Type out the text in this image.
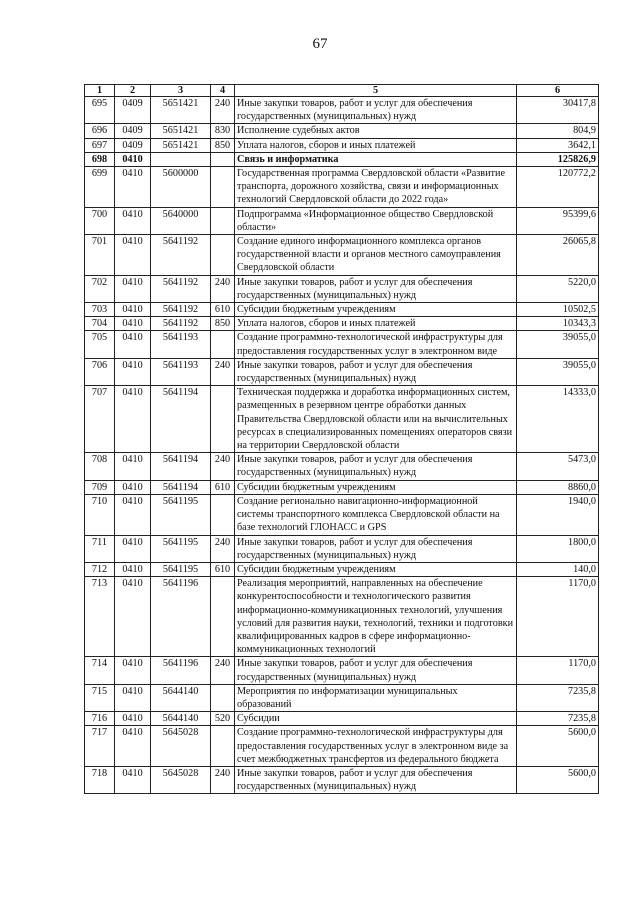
67
1	2	3	4	5	6
695	0409	5651421	240	Иные закупки товаров, работ и услуг для обеспечения государственных (муниципальных) нужд	30417,8
696	0409	5651421	830	Исполнение судебных актов	804,9
697	0409	5651421	850	Уплата налогов, сборов и иных платежей	3642,1
698	0410			Связь и информатика	125826,9
699	0410	5600000		Государственная программа Свердловской области «Развитие транспорта, дорожного хозяйства, связи и информационных технологий Свердловской области до 2022 года»	120772,2
700	0410	5640000		Подпрограмма «Информационное общество Свердловской области»	95399,6
701	0410	5641192		Создание единого информационного комплекса органов государственной власти и органов местного самоуправления Свердловской области	26065,8
702	0410	5641192	240	Иные закупки товаров, работ и услуг для обеспечения государственных (муниципальных) нужд	5220,0
703	0410	5641192	610	Субсидии бюджетным учреждениям	10502,5
704	0410	5641192	850	Уплата налогов, сборов и иных платежей	10343,3
705	0410	5641193		Создание программно-технологической инфраструктуры для предоставления государственных услуг в электронном виде	39055,0
706	0410	5641193	240	Иные закупки товаров, работ и услуг для обеспечения государственных (муниципальных) нужд	39055,0
707	0410	5641194		Техническая поддержка и доработка информационных систем, размещенных в резервном центре обработки данных Правительства Свердловской области или на вычислительных ресурсах в специализированных помещениях операторов связи на территории Свердловской области	14333,0
708	0410	5641194	240	Иные закупки товаров, работ и услуг для обеспечения государственных (муниципальных) нужд	5473,0
709	0410	5641194	610	Субсидии бюджетным учреждениям	8860,0
710	0410	5641195		Создание регионально навигационно-информационной системы транспортного комплекса Свердловской области на базе технологий ГЛОНАСС и GPS	1940,0
711	0410	5641195	240	Иные закупки товаров, работ и услуг для обеспечения государственных (муниципальных) нужд	1800,0
712	0410	5641195	610	Субсидии бюджетным учреждениям	140,0
713	0410	5641196		Реализация мероприятий, направленных на обеспечение конкурентоспособности и технологического развития информационно-коммуникационных технологий, улучшения условий для развития науки, технологий, техники и подготовки квалифицированных кадров в сфере информационно-коммуникационных технологий	1170,0
714	0410	5641196	240	Иные закупки товаров, работ и услуг для обеспечения государственных (муниципальных) нужд	1170,0
715	0410	5644140		Мероприятия по информатизации муниципальных образований	7235,8
716	0410	5644140	520	Субсидии	7235,8
717	0410	5645028		Создание программно-технологической инфраструктуры для предоставления государственных услуг в электронном виде за счет межбюджетных трансфертов из федерального бюджета	5600,0
718	0410	5645028	240	Иные закупки товаров, работ и услуг для обеспечения государственных (муниципальных) нужд	5600,0
